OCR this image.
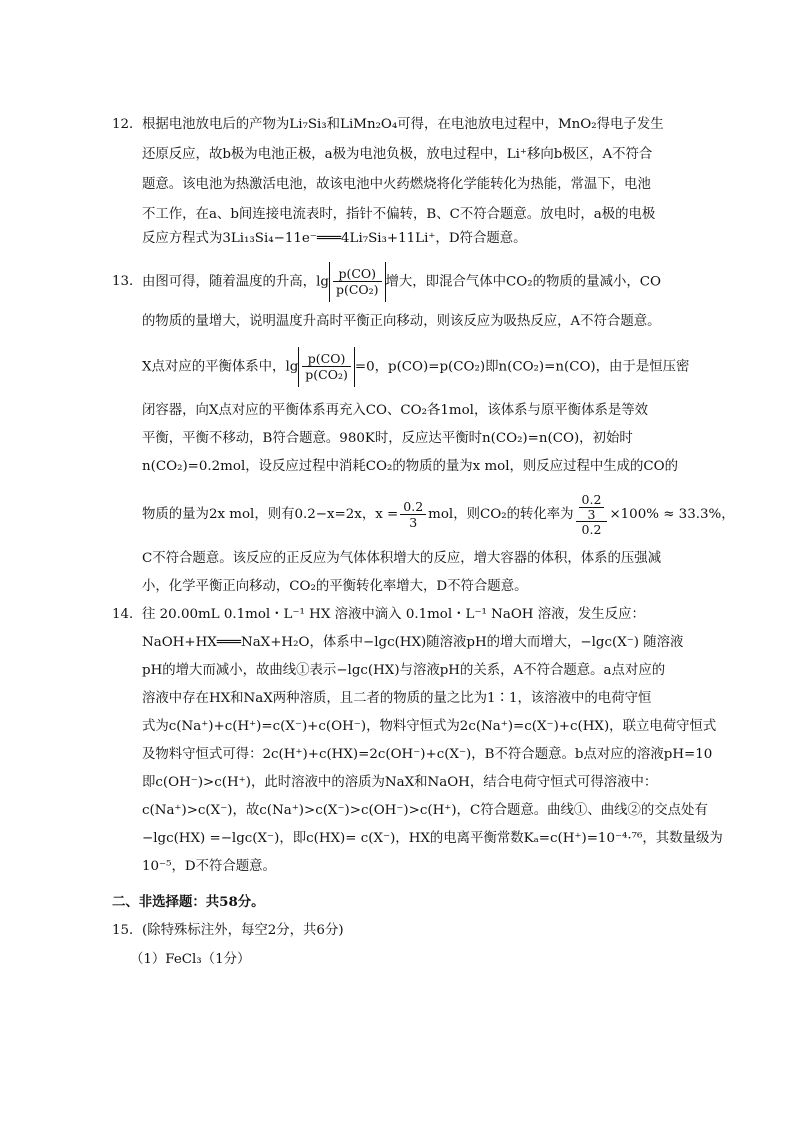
12． 根据电池放电后的产物为Li₇Si₃和LiMn₂O₄可得，在电池放电过程中，MnO₂得电子发生
还原反应，故b极为电池正极，a极为电池负极，放电过程中，Li⁺移向b极区，A不符合
题意。该电池为热激活电池，故该电池中火药燃烧将化学能转化为热能，常温下，电池
不工作，在a、b间连接电流表时，指针不偏转，B、C不符合题意。放电时，a极的电极
反应方程式为3Li₁₃Si₄−11e⁻═══4Li₇Si₃+11Li⁺，D符合题意。
13． 由图可得，随着温度的升高，$\lg \frac{p(CO)}{\text{p(CO₂)}}$ 增大，即混合气体中CO₂的物质的量减小，CO
的物质的量增大，说明温度升高时平衡正向移动，则该反应为吸热反应，A不符合题意。
X点对应的平衡体系中，$\lg \frac{p(CO)}{\text{p(CO₂)}} =0$，p(CO)=p(CO₂)即n(CO₂)=n(CO)，由于是恒压密
闭容器，向X点对应的平衡体系再充入CO、CO₂各1mol，该体系与原平衡体系是等效
平衡，平衡不移动，B符合题意。980K时，反应达平衡时n(CO₂)=n(CO)，初始时
n(CO₂)=0.2mol，设反应过程中消耗CO₂的物质的量为x mol，则反应过程中生成的CO的
物质的量为2x mol，则有0.2−x=2x，$x = \frac{0.2}{3}$ mol，则CO₂的转化率为 $\frac{\frac{0.2}{3}}{0.2} \times 100\% \approx 33.3\%$，
C不符合题意。该反应的正反应为气体体积增大的反应，增大容器的体积，体系的压强减
小，化学平衡正向移动，CO₂的平衡转化率增大，D不符合题意。
14． 往 20.00mL 0.1mol・L⁻¹ HX 溶液中滴入 0.1mol・L⁻¹ NaOH 溶液，发生反应：
NaOH+HX═══NaX+H₂O，体系中−lgc(HX)随溶液pH的增大而增大，−lgc(X⁻) 随溶液
pH的增大而减小，故曲线①表示−lgc(HX)与溶液pH的关系，A不符合题意。a点对应的
溶液中存在HX和NaX两种溶质，且二者的物质的量之比为1∶1，该溶液中的电荷守恒
式为c(Na⁺)+c(H⁺)=c(X⁻)+c(OH⁻)，物料守恒式为2c(Na⁺)=c(X⁻)+c(HX)，联立电荷守恒式
及物料守恒式可得：2c(H⁺)+c(HX)=2c(OH⁻)+c(X⁻)，B不符合题意。b点对应的溶液pH=10
即c(OH⁻)>c(H⁺)，此时溶液中的溶质为NaX和NaOH，结合电荷守恒式可得溶液中：
c(Na⁺)>c(X⁻)，故c(Na⁺)>c(X⁻)>c(OH⁻)>c(H⁺)，C符合题意。曲线①、曲线②的交点处有
−lgc(HX) =−lgc(X⁻)，即c(HX)= c(X⁻)，HX的电离平衡常数Kₐ=c(H⁺)=10⁻⁴·⁷⁶，其数量级为
10⁻⁵，D不符合题意。
二、非选择题：共58分。
15． (除特殊标注外，每空2分，共6分)
（1）FeCl₃（1分）
